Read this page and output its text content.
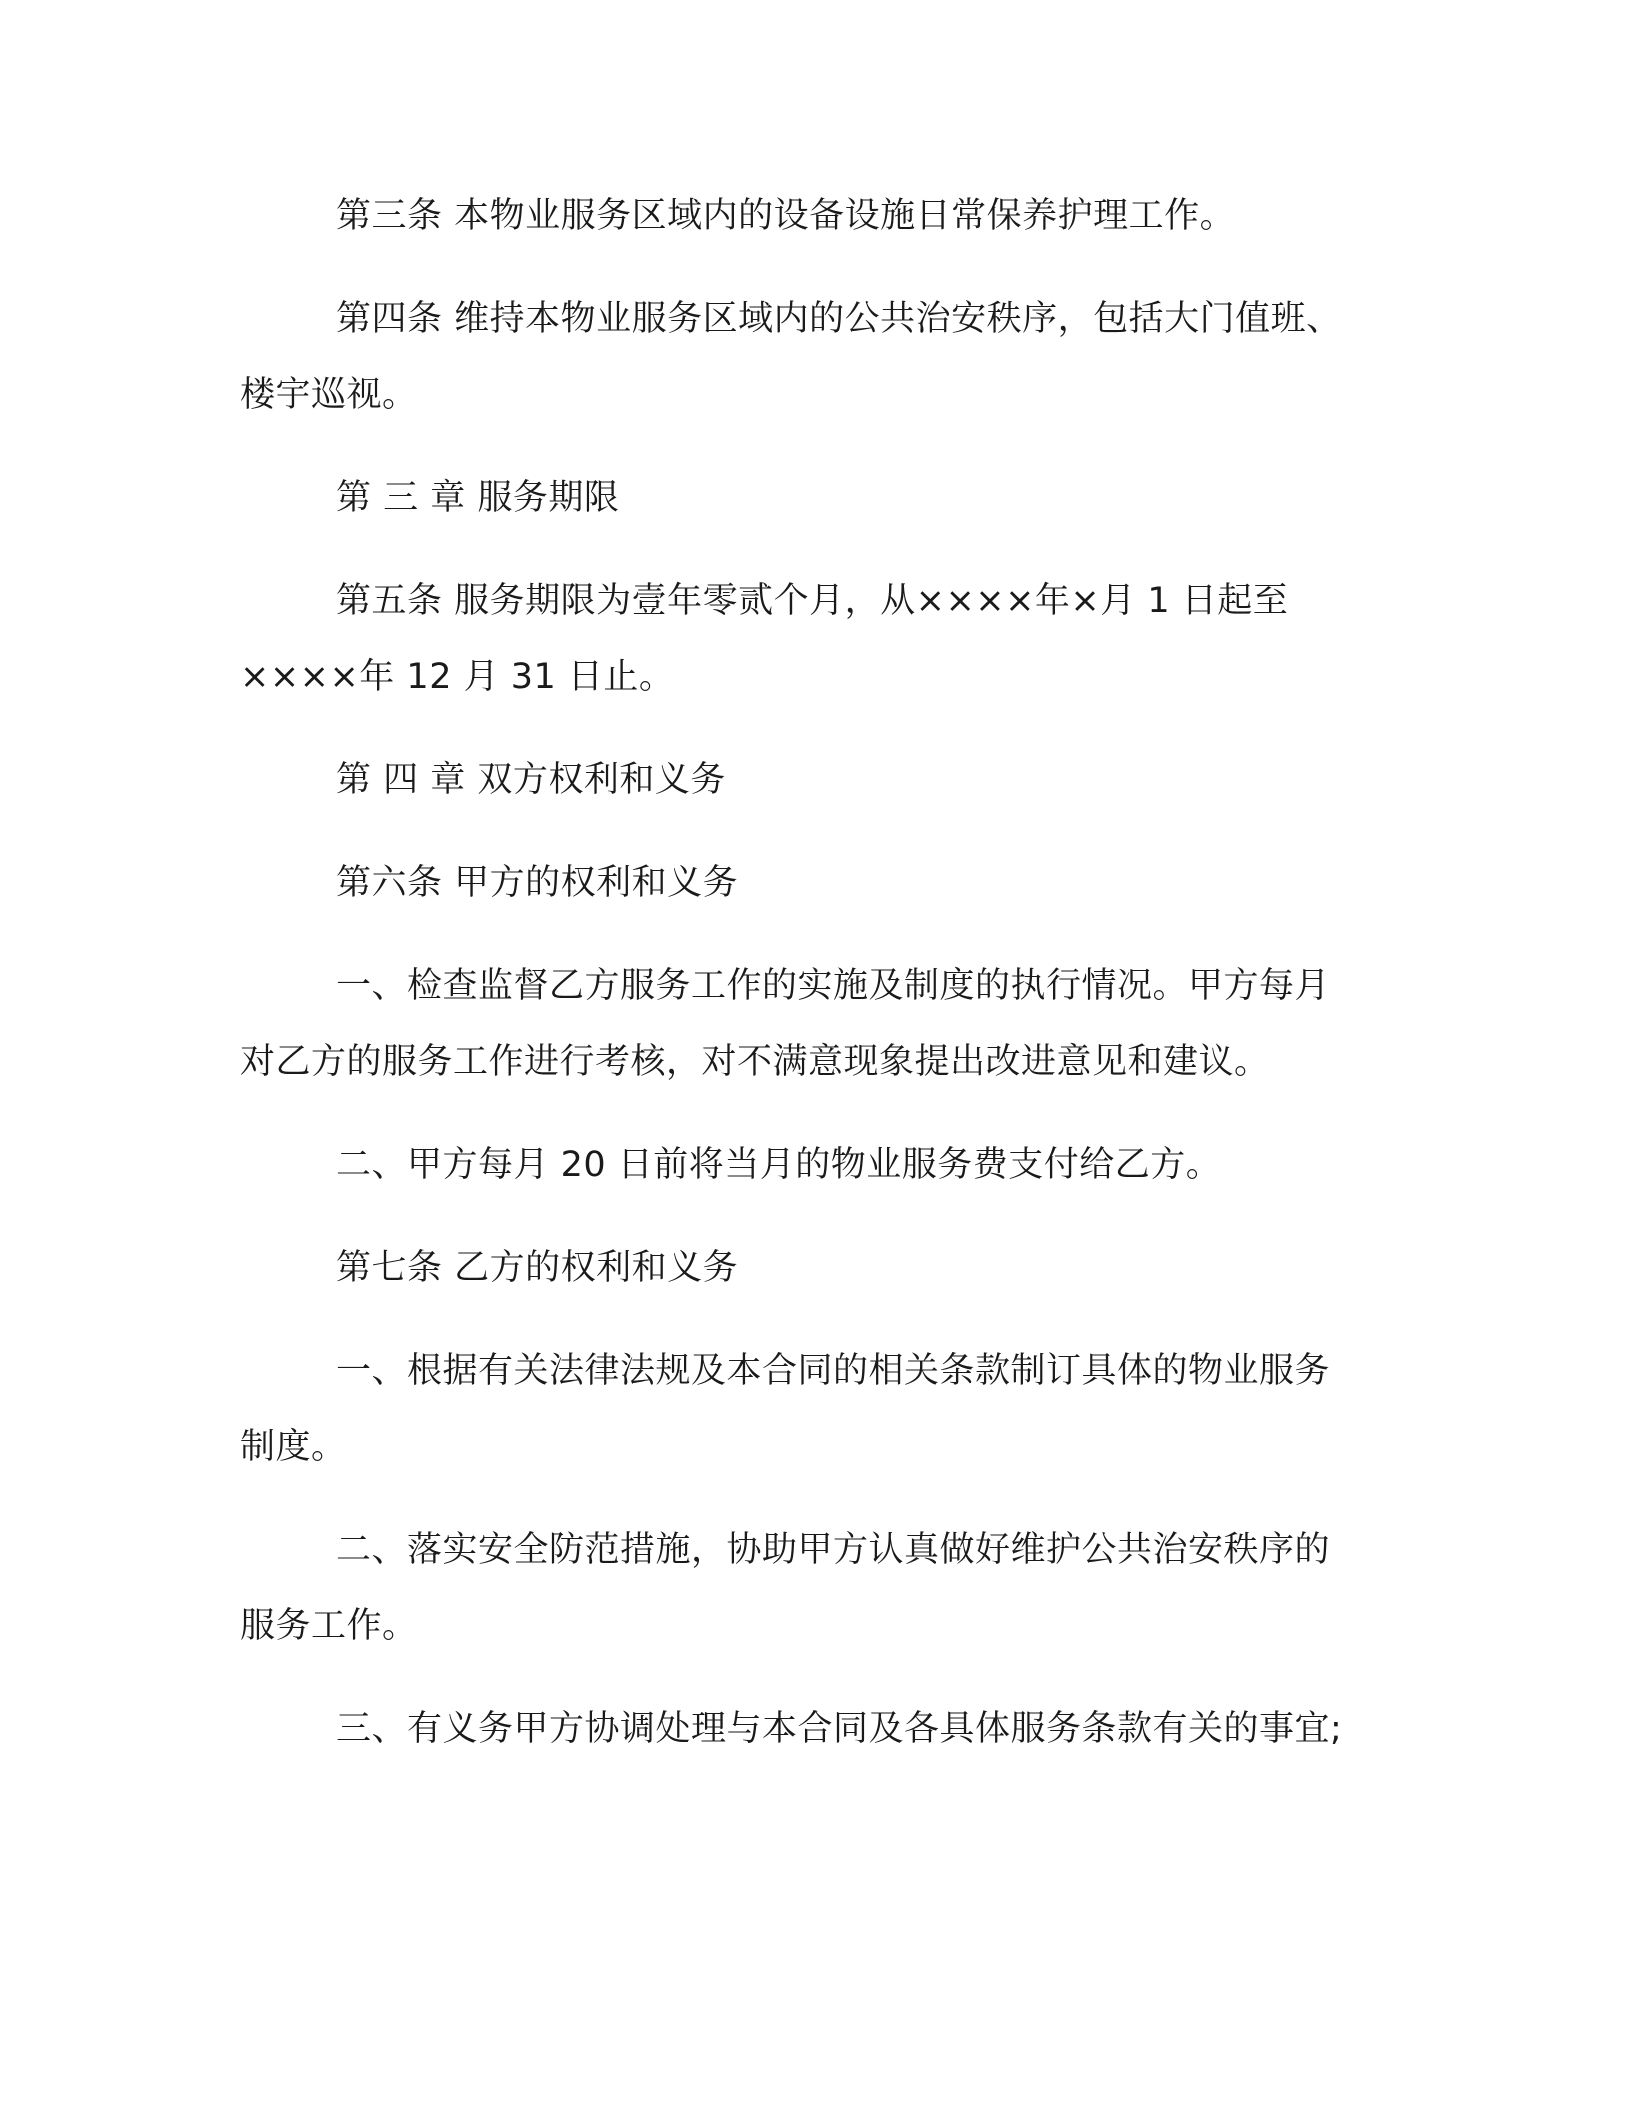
第三条 本物业服务区域内的设备设施日常保养护理工作。

第四条 维持本物业服务区域内的公共治安秩序，包括大门值班、
楼宇巡视。

第 三 章 服务期限

第五条 服务期限为壹年零贰个月，从××××年×月 1 日起至
××××年 12 月 31 日止。

第 四 章 双方权利和义务

第六条 甲方的权利和义务

一、检查监督乙方服务工作的实施及制度的执行情况。甲方每月
对乙方的服务工作进行考核，对不满意现象提出改进意见和建议。

二、甲方每月 20 日前将当月的物业服务费支付给乙方。

第七条 乙方的权利和义务

一、根据有关法律法规及本合同的相关条款制订具体的物业服务
制度。

二、落实安全防范措施，协助甲方认真做好维护公共治安秩序的
服务工作。

三、有义务甲方协调处理与本合同及各具体服务条款有关的事宜;
